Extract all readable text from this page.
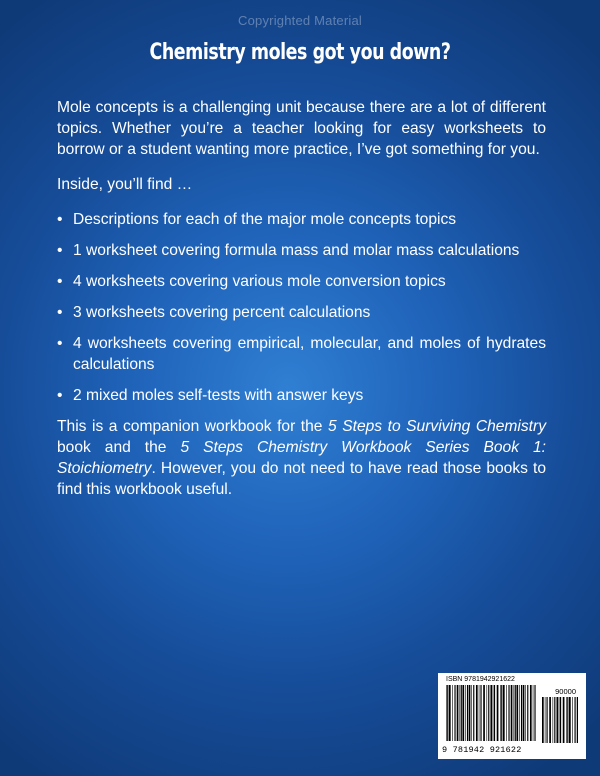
Copyrighted Material
Chemistry moles got you down?

Mole concepts is a challenging unit because there are a lot of different topics. Whether you’re a teacher looking for easy worksheets to borrow or a student wanting more practice, I’ve got something for you.

Inside, you’ll find …

• Descriptions for each of the major mole concepts topics
• 1 worksheet covering formula mass and molar mass calculations
• 4 worksheets covering various mole conversion topics
• 3 worksheets covering percent calculations
• 4 worksheets covering empirical, molecular, and moles of hydrates calculations
• 2 mixed moles self-tests with answer keys

This is a companion workbook for the 5 Steps to Surviving Chemistry book and the 5 Steps Chemistry Workbook Series Book 1: Stoichiometry. However, you do not need to have read those books to find this workbook useful.

ISBN 9781942921622
90000
9 781942 921622
